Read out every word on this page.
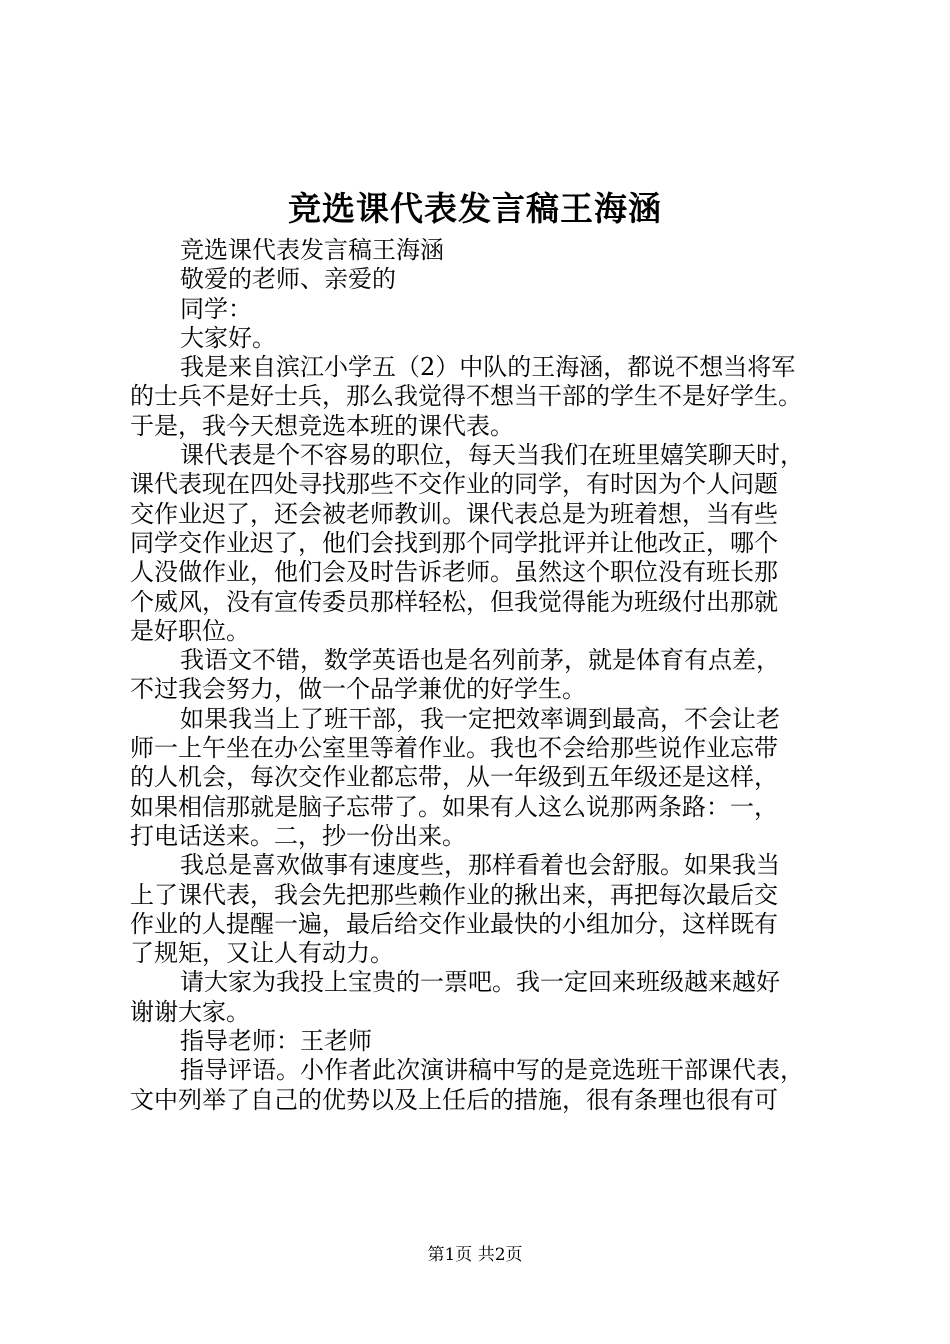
竞选课代表发言稿王海涵
竞选课代表发言稿王海涵
敬爱的老师、亲爱的
同学：
大家好。
我是来自滨江小学五（2）中队的王海涵，都说不想当将军
的士兵不是好士兵，那么我觉得不想当干部的学生不是好学生。
于是，我今天想竞选本班的课代表。
课代表是个不容易的职位，每天当我们在班里嬉笑聊天时，
课代表现在四处寻找那些不交作业的同学，有时因为个人问题
交作业迟了，还会被老师教训。课代表总是为班着想，当有些
同学交作业迟了，他们会找到那个同学批评并让他改正，哪个
人没做作业，他们会及时告诉老师。虽然这个职位没有班长那
个威风，没有宣传委员那样轻松，但我觉得能为班级付出那就
是好职位。
我语文不错，数学英语也是名列前茅，就是体育有点差，
不过我会努力，做一个品学兼优的好学生。
如果我当上了班干部，我一定把效率调到最高，不会让老
师一上午坐在办公室里等着作业。我也不会给那些说作业忘带
的人机会，每次交作业都忘带，从一年级到五年级还是这样，
如果相信那就是脑子忘带了。如果有人这么说那两条路：一，
打电话送来。二，抄一份出来。
我总是喜欢做事有速度些，那样看着也会舒服。如果我当
上了课代表，我会先把那些赖作业的揪出来，再把每次最后交
作业的人提醒一遍，最后给交作业最快的小组加分，这样既有
了规矩，又让人有动力。
请大家为我投上宝贵的一票吧。我一定回来班级越来越好
谢谢大家。
指导老师：王老师
指导评语。小作者此次演讲稿中写的是竞选班干部课代表，
文中列举了自己的优势以及上任后的措施，很有条理也很有可
第1页 共2页
